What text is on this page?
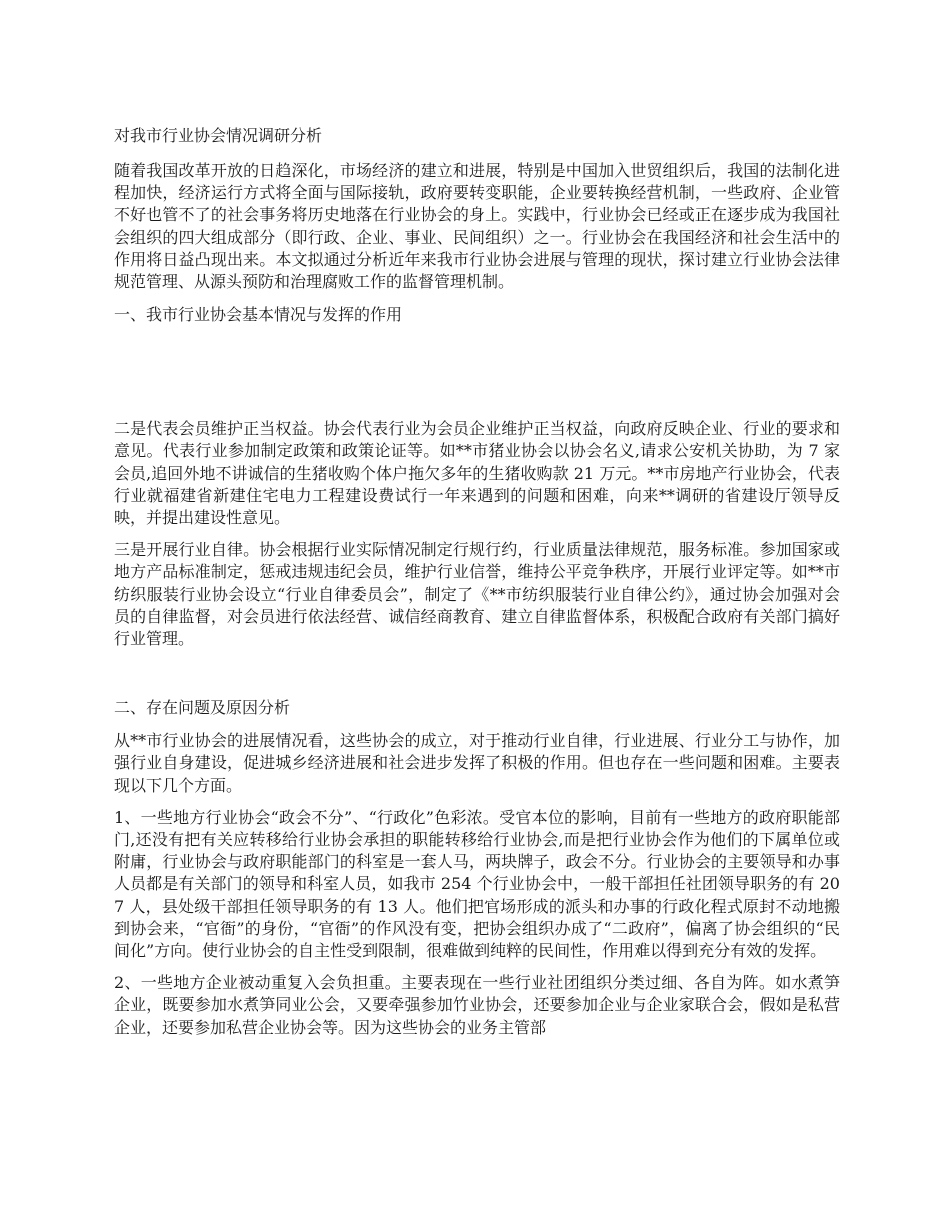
对我市行业协会情况调研分析

随着我国改革开放的日趋深化，市场经济的建立和进展，特别是中国加入世贸组织后，我国的法制化进程加快，经济运行方式将全面与国际接轨，政府要转变职能，企业要转换经营机制，一些政府、企业管不好也管不了的社会事务将历史地落在行业协会的身上。实践中，行业协会已经或正在逐步成为我国社会组织的四大组成部分（即行政、企业、事业、民间组织）之一。行业协会在我国经济和社会生活中的作用将日益凸现出来。本文拟通过分析近年来我市行业协会进展与管理的现状，探讨建立行业协会法律规范管理、从源头预防和治理腐败工作的监督管理机制。

一、我市行业协会基本情况与发挥的作用

二是代表会员维护正当权益。协会代表行业为会员企业维护正当权益，向政府反映企业、行业的要求和意见。代表行业参加制定政策和政策论证等。如**市猪业协会以协会名义,请求公安机关协助，为 7 家会员,追回外地不讲诚信的生猪收购个体户拖欠多年的生猪收购款 21 万元。**市房地产行业协会，代表行业就福建省新建住宅电力工程建设费试行一年来遇到的问题和困难，向来**调研的省建设厅领导反映，并提出建设性意见。

三是开展行业自律。协会根据行业实际情况制定行规行约，行业质量法律规范，服务标准。参加国家或地方产品标准制定，惩戒违规违纪会员，维护行业信誉，维持公平竞争秩序，开展行业评定等。如**市纺织服装行业协会设立“行业自律委员会”，制定了《**市纺织服装行业自律公约》，通过协会加强对会员的自律监督，对会员进行依法经营、诚信经商教育、建立自律监督体系，积极配合政府有关部门搞好行业管理。

二、存在问题及原因分析

从**市行业协会的进展情况看，这些协会的成立，对于推动行业自律，行业进展、行业分工与协作，加强行业自身建设，促进城乡经济进展和社会进步发挥了积极的作用。但也存在一些问题和困难。主要表现以下几个方面。

1、一些地方行业协会“政会不分”、“行政化”色彩浓。受官本位的影响，目前有一些地方的政府职能部门,还没有把有关应转移给行业协会承担的职能转移给行业协会,而是把行业协会作为他们的下属单位或附庸，行业协会与政府职能部门的科室是一套人马，两块牌子，政会不分。行业协会的主要领导和办事人员都是有关部门的领导和科室人员，如我市 254 个行业协会中，一般干部担任社团领导职务的有 207 人，县处级干部担任领导职务的有 13 人。他们把官场形成的派头和办事的行政化程式原封不动地搬到协会来，“官衙”的身份，“官衙”的作风没有变，把协会组织办成了“二政府”，偏离了协会组织的“民间化”方向。使行业协会的自主性受到限制，很难做到纯粹的民间性，作用难以得到充分有效的发挥。

2、一些地方企业被动重复入会负担重。主要表现在一些行业社团组织分类过细、各自为阵。如水煮笋企业，既要参加水煮笋同业公会，又要牵强参加竹业协会，还要参加企业与企业家联合会，假如是私营企业，还要参加私营企业协会等。因为这些协会的业务主管部
